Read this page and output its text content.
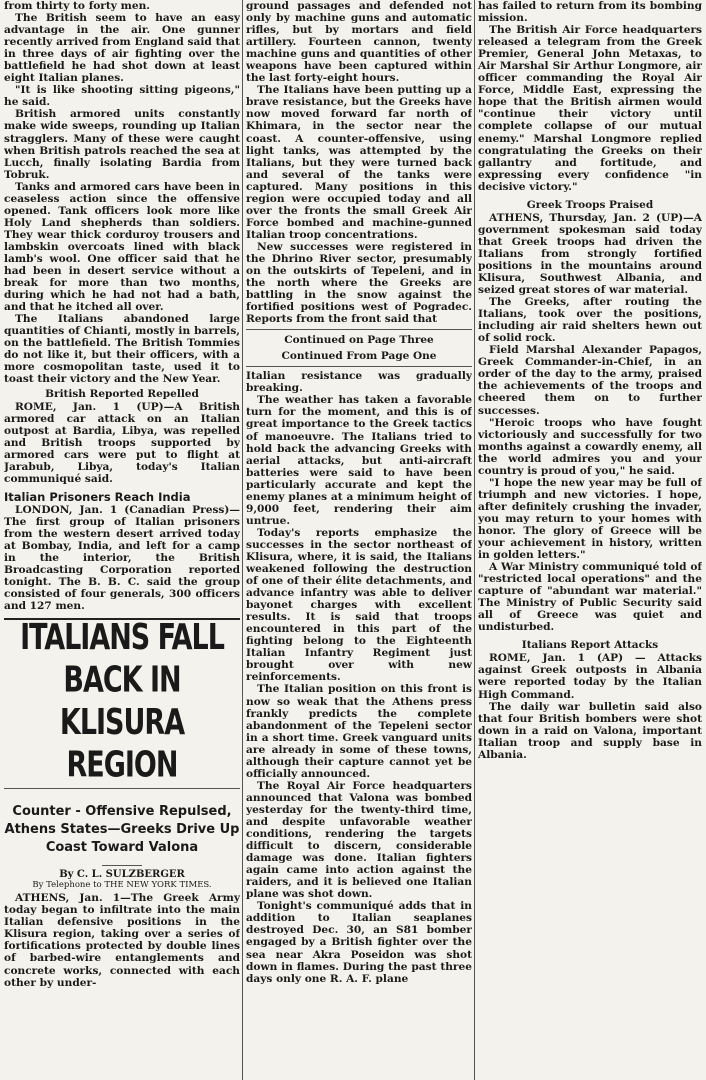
from thirty to forty men.

The British seem to have an easy advantage in the air. One gunner recently arrived from England said that in three days of air fighting over the battlefield he had shot down at least eight Italian planes.

"It is like shooting sitting pigeons," he said.

British armored units constantly make wide sweeps, rounding up Italian stragglers. Many of these were caught when British patrols reached the sea at Lucch, finally isolating Bardia from Tobruk.

Tanks and armored cars have been in ceaseless action since the offensive opened. Tank officers look more like Holy Land shepherds than soldiers. They wear thick corduroy trousers and lambskin overcoats lined with black lamb's wool. One officer said that he had been in desert service without a break for more than two months, during which he had not had a bath, and that he itched all over.

The Italians abandoned large quantities of Chianti, mostly in barrels, on the battlefield. The British Tommies do not like it, but their officers, with a more cosmopolitan taste, used it to toast their victory and the New Year.

British Reported Repelled

ROME, Jan. 1 (UP)—A British armored car attack on an Italian outpost at Bardia, Libya, was repelled and British troops supported by armored cars were put to flight at Jarabub, Libya, today's Italian communiqué said.

Italian Prisoners Reach India

LONDON, Jan. 1 (Canadian Press)—The first group of Italian prisoners from the western desert arrived today at Bombay, India, and left for a camp in the interior, the British Broadcasting Corporation reported tonight. The B. B. C. said the group consisted of four generals, 300 officers and 127 men.

ITALIANS FALL BACK IN KLISURA REGION
Counter - Offensive Repulsed, Athens States—Greeks Drive Up Coast Toward Valona
By C. L. SULZBERGER
By Telephone to THE NEW YORK TIMES.

ATHENS, Jan. 1—The Greek Army today began to infiltrate into the main Italian defensive positions in the Klisura region, taking over a series of fortifications protected by double lines of barbed-wire entanglements and concrete works, connected with each other by under-

ground passages and defended not only by machine guns and automatic rifles, but by mortars and field artillery. Fourteen cannon, twenty machine guns and quantities of other weapons have been captured within the last forty-eight hours.

The Italians have been putting up a brave resistance, but the Greeks have now moved forward far north of Khimara, in the sector near the coast. A counter-offensive, using light tanks, was attempted by the Italians, but they were turned back and several of the tanks were captured. Many positions in this region were occupied today and all over the fronts the small Greek Air Force bombed and machine-gunned Italian troop concentrations.

New successes were registered in the Dhrino River sector, presumably on the outskirts of Tepeleni, and in the north where the Greeks are battling in the snow against the fortified positions west of Pogradec. Reports from the front said that

Continued on Page Three
Continued From Page One

Italian resistance was gradually breaking.

The weather has taken a favorable turn for the moment, and this is of great importance to the Greek tactics of manoeuvre. The Italians tried to hold back the advancing Greeks with aerial attacks, but anti-aircraft batteries were said to have been particularly accurate and kept the enemy planes at a minimum height of 9,000 feet, rendering their aim untrue.

Today's reports emphasize the successes in the sector northeast of Klisura, where, it is said, the Italians weakened following the destruction of one of their élite detachments, and advance infantry was able to deliver bayonet charges with excellent results. It is said that troops encountered in this part of the fighting belong to the Eighteenth Italian Infantry Regiment just brought over with new reinforcements.

The Italian position on this front is now so weak that the Athens press frankly predicts the complete abandonment of the Tepeleni sector in a short time. Greek vanguard units are already in some of these towns, although their capture cannot yet be officially announced.

The Royal Air Force headquarters announced that Valona was bombed yesterday for the twenty-third time, and despite unfavorable weather conditions, rendering the targets difficult to discern, considerable damage was done. Italian fighters again came into action against the raiders, and it is believed one Italian plane was shot down.

Tonight's communiqué adds that in addition to Italian seaplanes destroyed Dec. 30, an S81 bomber engaged by a British fighter over the sea near Akra Poseidon was shot down in flames. During the past three days only one R. A. F. plane

has failed to return from its bombing mission.

The British Air Force headquarters released a telegram from the Greek Premier, General John Metaxas, to Air Marshal Sir Arthur Longmore, air officer commanding the Royal Air Force, Middle East, expressing the hope that the British airmen would "continue their victory until complete collapse of our mutual enemy." Marshal Longmore replied congratulating the Greeks on their gallantry and fortitude, and expressing every confidence "in decisive victory."

Greek Troops Praised

ATHENS, Thursday, Jan. 2 (UP)—A government spokesman said today that Greek troops had driven the Italians from strongly fortified positions in the mountains around Klisura, Southwest Albania, and seized great stores of war material.

The Greeks, after routing the Italians, took over the positions, including air raid shelters hewn out of solid rock.

Field Marshal Alexander Papagos, Greek Commander-in-Chief, in an order of the day to the army, praised the achievements of the troops and cheered them on to further successes.

"Heroic troops who have fought victoriously and successfully for two months against a cowardly enemy, all the world admires you and your country is proud of you," he said.

"I hope the new year may be full of triumph and new victories. I hope, after definitely crushing the invader, you may return to your homes with honor. The glory of Greece will be your achievement in history, written in golden letters."

A War Ministry communiqué told of "restricted local operations" and the capture of "abundant war material." The Ministry of Public Security said all of Greece was quiet and undisturbed.

Italians Report Attacks

ROME, Jan. 1 (AP) — Attacks against Greek outposts in Albania were reported today by the Italian High Command.

The daily war bulletin said also that four British bombers were shot down in a raid on Valona, important Italian troop and supply base in Albania.
